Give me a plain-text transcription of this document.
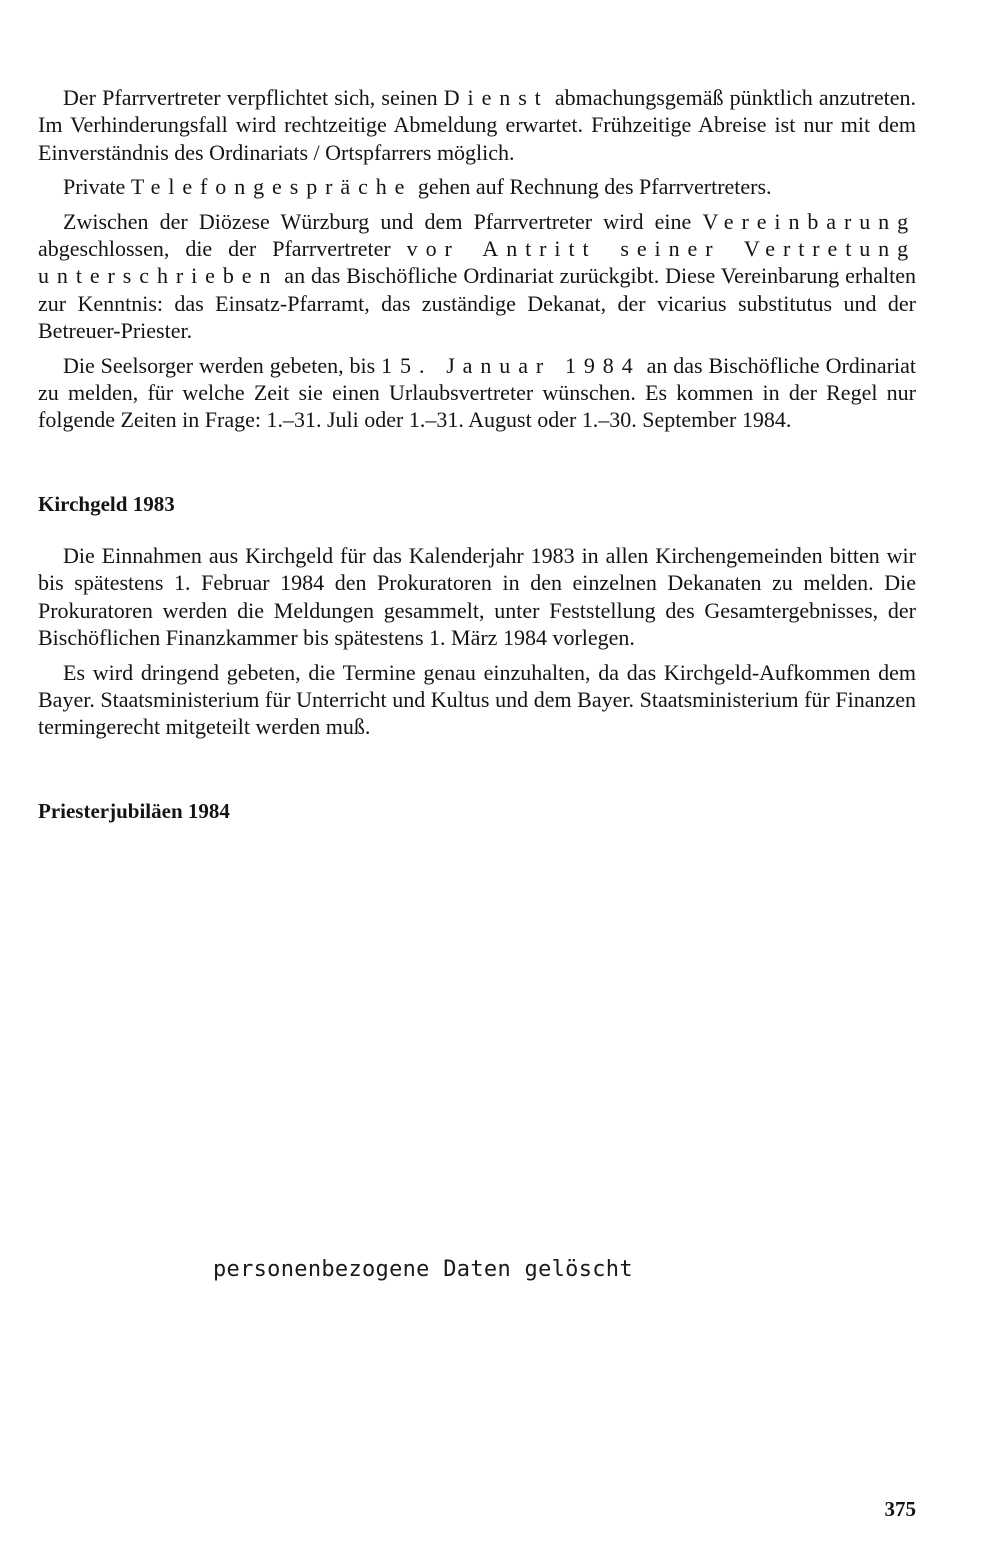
Der Pfarrvertreter verpflichtet sich, seinen Dienst abmachungsgemäß pünktlich anzutreten. Im Verhinderungsfall wird rechtzeitige Abmeldung erwartet. Frühzeitige Abreise ist nur mit dem Einverständnis des Ordinariats / Ortspfarrers möglich.

Private Telefongespräche gehen auf Rechnung des Pfarrvertreters.

Zwischen der Diözese Würzburg und dem Pfarrvertreter wird eine Vereinbarung abgeschlossen, die der Pfarrvertreter vor Antritt seiner Vertretung unterschrieben an das Bischöfliche Ordinariat zurückgibt. Diese Vereinbarung erhalten zur Kenntnis: das Einsatz-Pfarramt, das zuständige Dekanat, der vicarius substitutus und der Betreuer-Priester.

Die Seelsorger werden gebeten, bis 15. Januar 1984 an das Bischöfliche Ordinariat zu melden, für welche Zeit sie einen Urlaubsvertreter wünschen. Es kommen in der Regel nur folgende Zeiten in Frage: 1.–31. Juli oder 1.–31. August oder 1.–30. September 1984.

Kirchgeld 1983

Die Einnahmen aus Kirchgeld für das Kalenderjahr 1983 in allen Kirchengemeinden bitten wir bis spätestens 1. Februar 1984 den Prokuratoren in den einzelnen Dekanaten zu melden. Die Prokuratoren werden die Meldungen gesammelt, unter Feststellung des Gesamtergebnisses, der Bischöflichen Finanzkammer bis spätestens 1. März 1984 vorlegen.

Es wird dringend gebeten, die Termine genau einzuhalten, da das Kirchgeld-Aufkommen dem Bayer. Staatsministerium für Unterricht und Kultus und dem Bayer. Staatsministerium für Finanzen termingerecht mitgeteilt werden muß.

Priesterjubiläen 1984
personenbezogene Daten gelöscht
375
